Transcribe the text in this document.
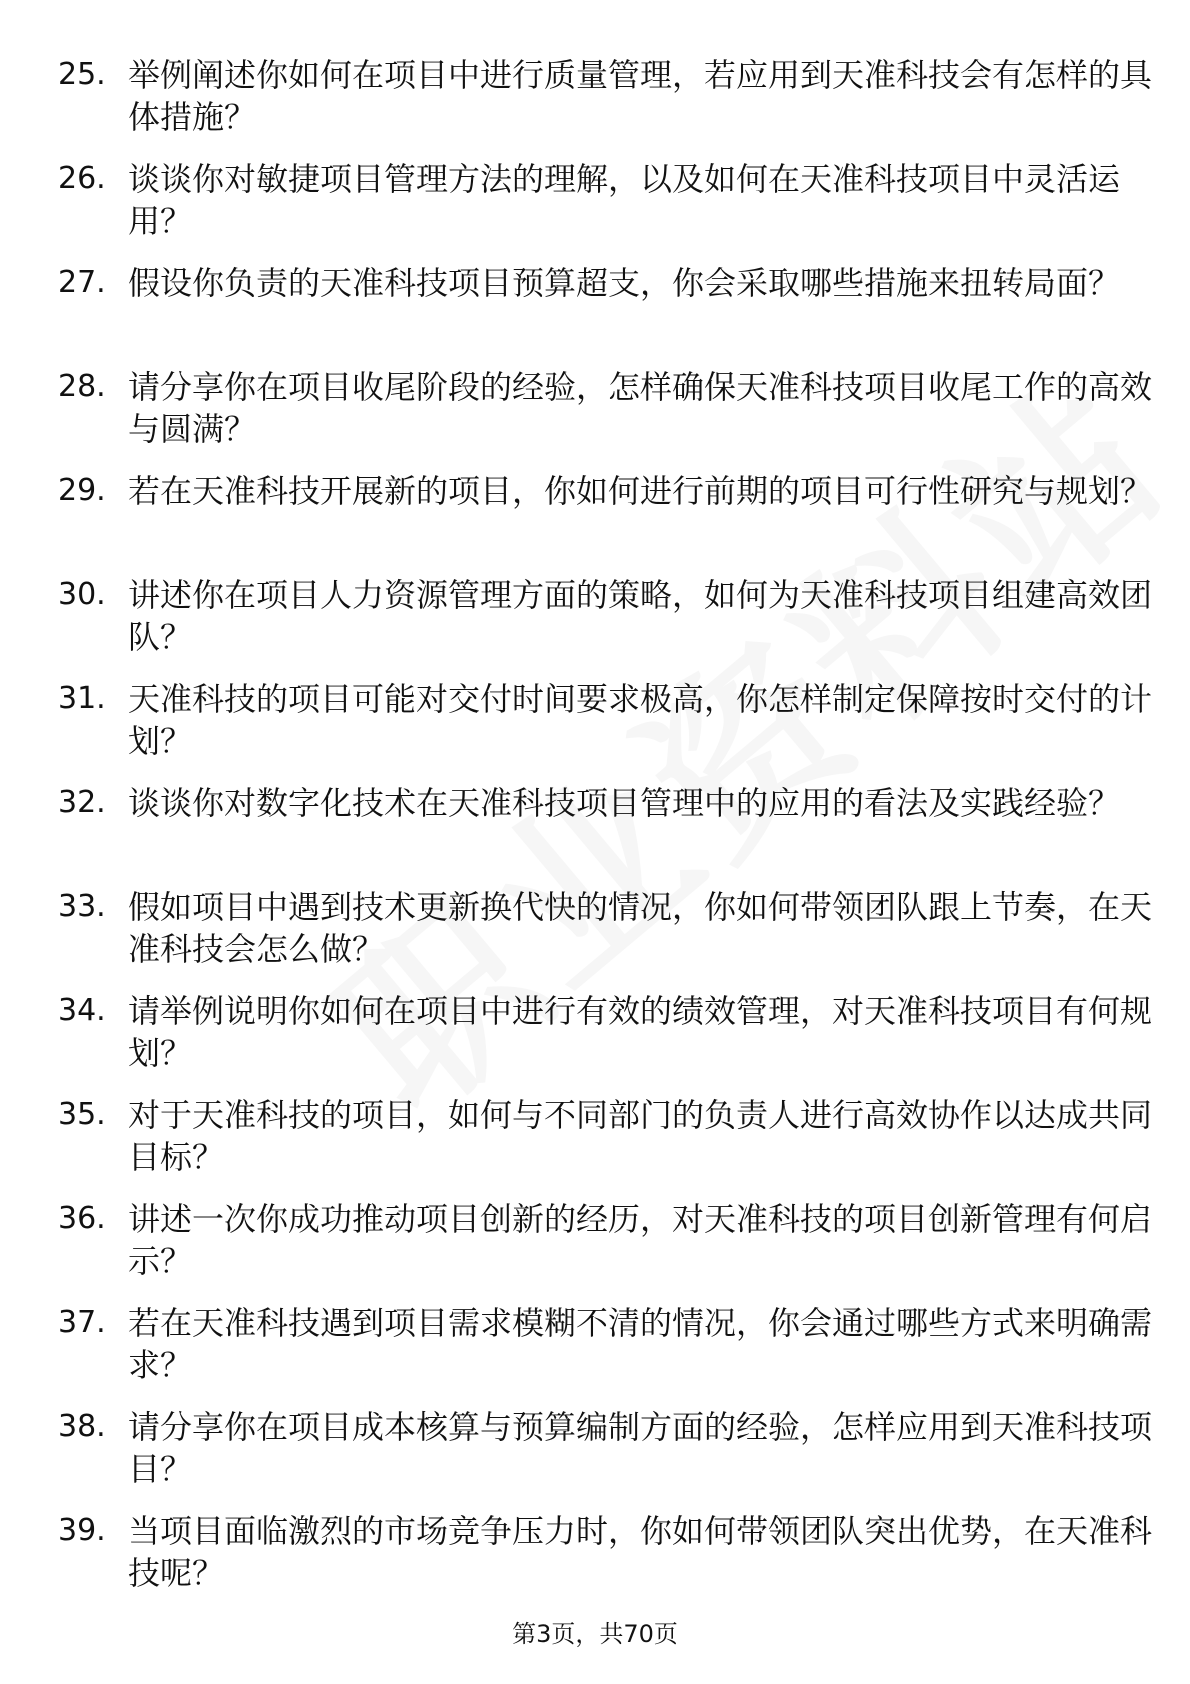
25. 举例阐述你如何在项目中进行质量管理，若应用到天准科技会有怎样的具体措施？
26. 谈谈你对敏捷项目管理方法的理解，以及如何在天准科技项目中灵活运用？
27. 假设你负责的天准科技项目预算超支，你会采取哪些措施来扭转局面？
28. 请分享你在项目收尾阶段的经验，怎样确保天准科技项目收尾工作的高效与圆满？
29. 若在天准科技开展新的项目，你如何进行前期的项目可行性研究与规划？
30. 讲述你在项目人力资源管理方面的策略，如何为天准科技项目组建高效团队？
31. 天准科技的项目可能对交付时间要求极高，你怎样制定保障按时交付的计划？
32. 谈谈你对数字化技术在天准科技项目管理中的应用的看法及实践经验？
33. 假如项目中遇到技术更新换代快的情况，你如何带领团队跟上节奏，在天准科技会怎么做？
34. 请举例说明你如何在项目中进行有效的绩效管理，对天准科技项目有何规划？
35. 对于天准科技的项目，如何与不同部门的负责人进行高效协作以达成共同目标？
36. 讲述一次你成功推动项目创新的经历，对天准科技的项目创新管理有何启示？
37. 若在天准科技遇到项目需求模糊不清的情况，你会通过哪些方式来明确需求？
38. 请分享你在项目成本核算与预算编制方面的经验，怎样应用到天准科技项目？
39. 当项目面临激烈的市场竞争压力时，你如何带领团队突出优势，在天准科技呢？
第3页，共70页
